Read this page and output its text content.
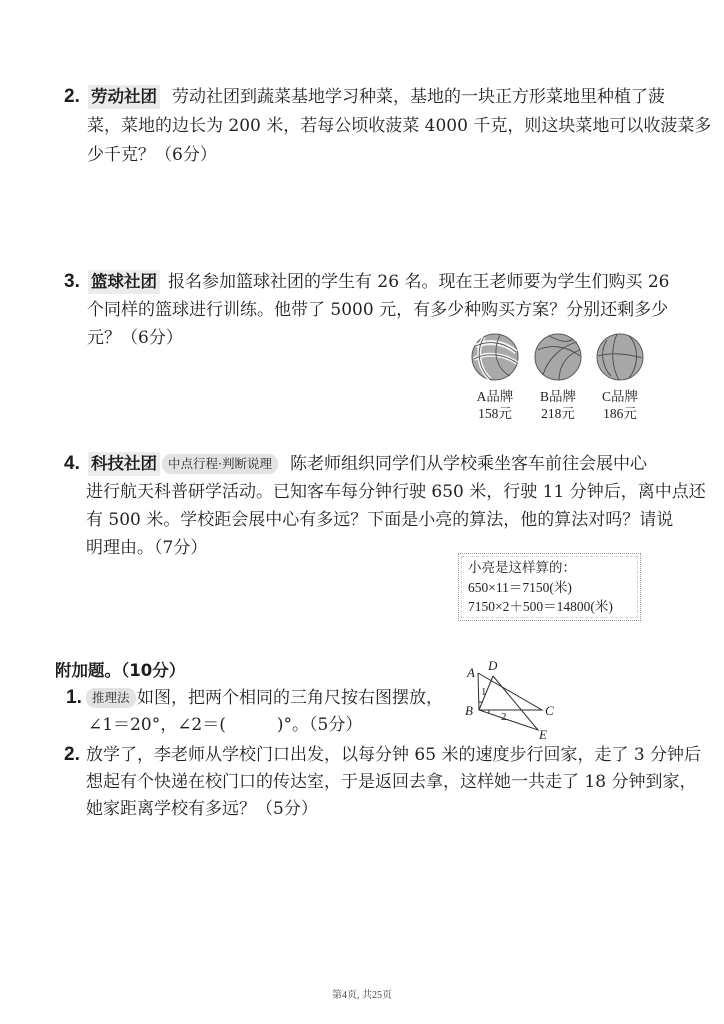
2. 劳动社团 劳动社团到蔬菜基地学习种菜，基地的一块正方形菜地里种植了菠
菜，菜地的边长为 200 米，若每公顷收菠菜 4000 千克，则这块菜地可以收菠菜多
少千克？（6分）
3. 篮球社团 报名参加篮球社团的学生有 26 名。现在王老师要为学生们购买 26
个同样的篮球进行训练。他带了 5000 元，有多少种购买方案？分别还剩多少
元？（6分）
A品牌
158元
B品牌
218元
C品牌
186元
4. 科技社团 中点行程·判断说理	陈老师组织同学们从学校乘坐客车前往会展中心
进行航天科普研学活动。已知客车每分钟行驶 650 米，行驶 11 分钟后，离中点还
有 500 米。学校距会展中心有多远？下面是小亮的算法，他的算法对吗？请说
明理由。（7分）
小亮是这样算的：
650×11＝7150(米)
7150×2＋500＝14800(米)
附加题。（10分）
1. 推理法 如图，把两个相同的三角尺按右图摆放，
∠1＝20°，∠2＝(　　　)°。（5分）
A D
B	C
E
1
2
2. 放学了，李老师从学校门口出发，以每分钟 65 米的速度步行回家，走了 3 分钟后
想起有个快递在校门口的传达室，于是返回去拿，这样她一共走了 18 分钟到家，
她家距离学校有多远？（5分）
第4页, 共25页
